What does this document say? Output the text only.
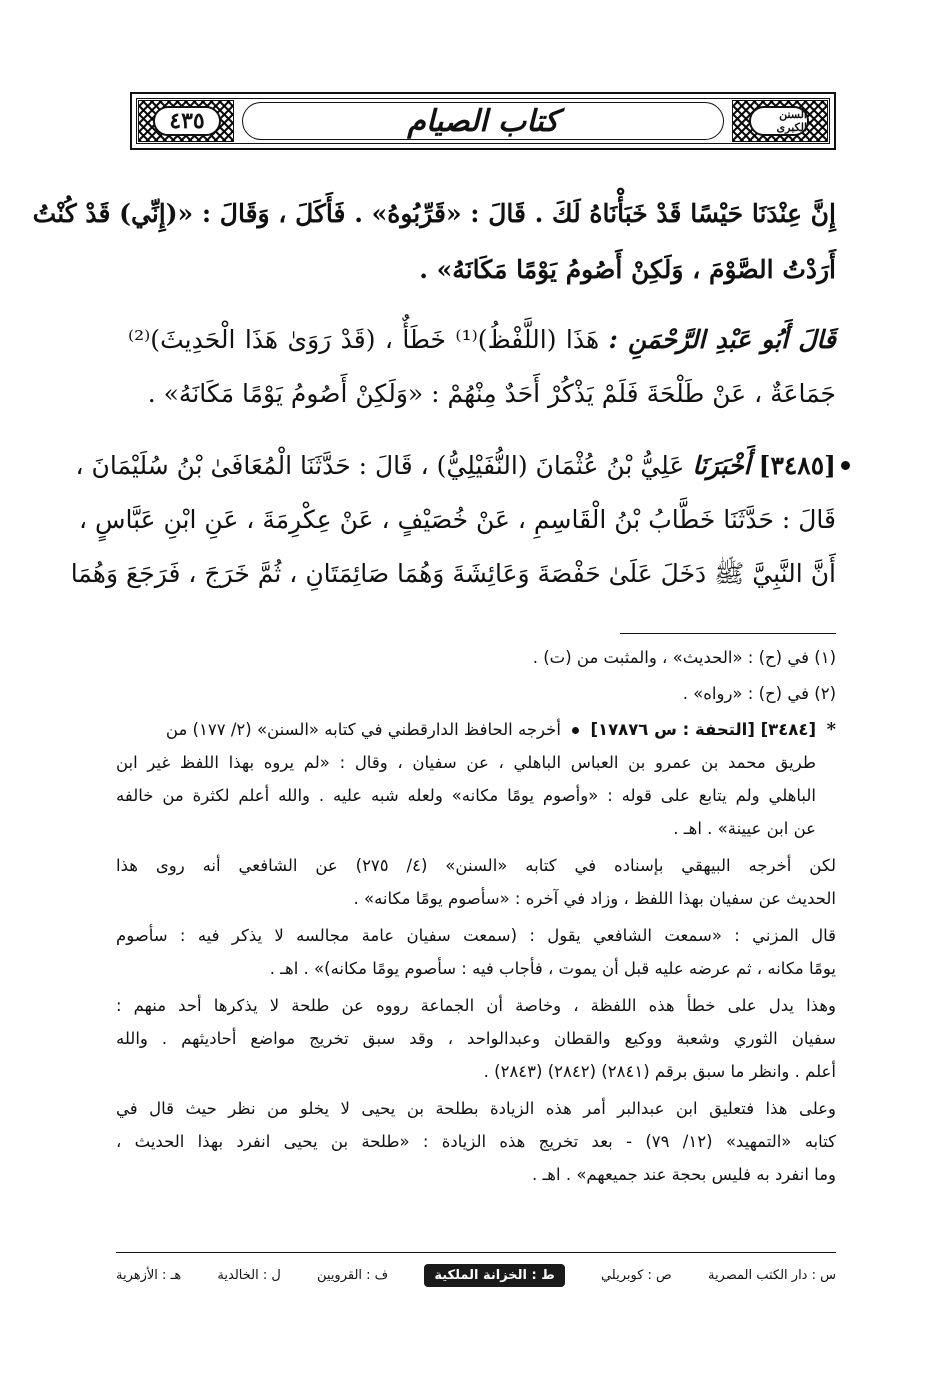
السنن الكبرى
كتاب الصيام
٤٣٥
إِنَّ عِنْدَنَا حَيْسًا قَدْ خَبَأْنَاهُ لَكَ . قَالَ : «قَرِّبُوهُ» . فَأَكَلَ ، وَقَالَ : «(إِنِّي) قَدْ كُنْتُ
أَرَدْتُ الصَّوْمَ ، وَلَكِنْ أَصُومُ يَوْمًا مَكَانَهُ» .
قَالَ أَبُو عَبْدِ الرَّحْمَنِ : هَذَا (اللَّفْظُ)⁽¹⁾ خَطَأٌ ، (قَدْ رَوَىٰ هَذَا الْحَدِيثَ)⁽²⁾
جَمَاعَةٌ ، عَنْ طَلْحَةَ فَلَمْ يَذْكُرْ أَحَدٌ مِنْهُمْ : «وَلَكِنْ أَصُومُ يَوْمًا مَكَانَهُ» .
[٣٤٨٥] أَخْبَرَنَا عَلِيُّ بْنُ عُثْمَانَ (النُّفَيْلِيُّ) ، قَالَ : حَدَّثَنَا الْمُعَافَىٰ بْنُ سُلَيْمَانَ ،
قَالَ : حَدَّثَنَا خَطَّابُ بْنُ الْقَاسِمِ ، عَنْ خُصَيْفٍ ، عَنْ عِكْرِمَةَ ، عَنِ ابْنِ عَبَّاسٍ ،
أَنَّ النَّبِيَّ ﷺ دَخَلَ عَلَىٰ حَفْصَةَ وَعَائِشَةَ وَهُمَا صَائِمَتَانِ ، ثُمَّ خَرَجَ ، فَرَجَعَ وَهُمَا
(١) في (ح) : «الحديث» ، والمثبت من (ت) .
(٢) في (ح) : «رواه» .
*
[٣٤٨٤] [التحفة : س ١٧٨٧٦]  أخرجه الحافظ الدارقطني في كتابه «السنن» (٢/ ١٧٧) من
طريق محمد بن عمرو بن العباس الباهلي ، عن سفيان ، وقال : «لم يروه بهذا اللفظ غير ابن
الباهلي ولم يتابع على قوله : «وأصوم يومًا مكانه» ولعله شبه عليه . والله أعلم لكثرة من خالفه
عن ابن عيينة» . اهـ .
لكن أخرجه البيهقي بإسناده في كتابه «السنن» (٤/ ٢٧٥) عن الشافعي أنه روى هذا
الحديث عن سفيان بهذا اللفظ ، وزاد في آخره : «سأصوم يومًا مكانه» .
قال المزني : «سمعت الشافعي يقول : (سمعت سفيان عامة مجالسه لا يذكر فيه : سأصوم
يومًا مكانه ، ثم عرضه عليه قبل أن يموت ، فأجاب فيه : سأصوم يومًا مكانه)» . اهـ .
وهذا يدل على خطأ هذه اللفظة ، وخاصة أن الجماعة رووه عن طلحة لا يذكرها أحد منهم :
سفيان الثوري وشعبة ووكيع والقطان وعبدالواحد ، وقد سبق تخريج مواضع أحاديثهم . والله
أعلم . وانظر ما سبق برقم (٢٨٤١) (٢٨٤٢) (٢٨٤٣) .
وعلى هذا فتعليق ابن عبدالبر أمر هذه الزيادة بطلحة بن يحيى لا يخلو من نظر حيث قال في
كتابه «التمهيد» (١٢/ ٧٩) - بعد تخريج هذه الزيادة : «طلحة بن يحيى انفرد بهذا الحديث ،
وما انفرد به فليس بحجة عند جميعهم» . اهـ .
س : دار الكتب المصرية
ص : كوبريلي
ط : الخزانة الملكية
ف : القرويين
ل : الخالدية
هـ : الأزهرية
